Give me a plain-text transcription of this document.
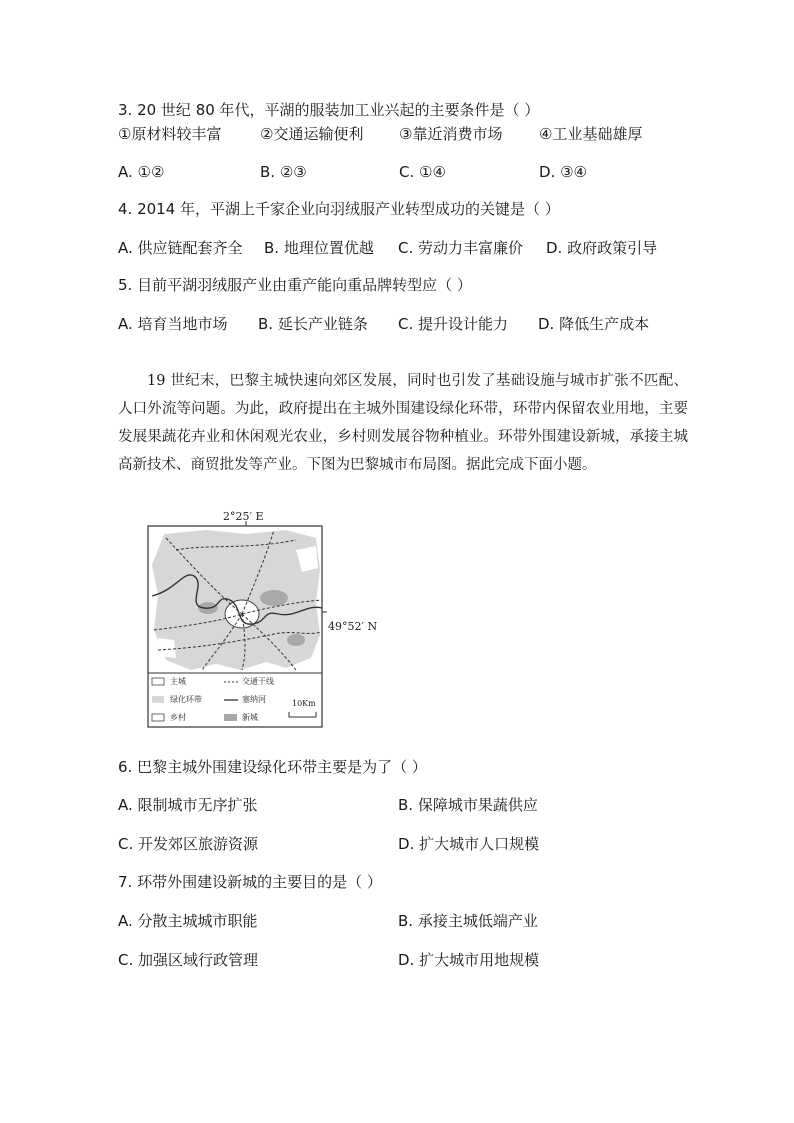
3. 20 世纪 80 年代，平湖的服装加工业兴起的主要条件是（ ）
①原材料较丰富	②交通运输便利 ③靠近消费市场 ④工业基础雄厚
A. ①②	B. ②③	C. ①④	D. ③④
4. 2014 年，平湖上千家企业向羽绒服产业转型成功的关键是（ ）
A. 供应链配套齐全 B. 地理位置优越 C. 劳动力丰富廉价 D. 政府政策引导
5. 目前平湖羽绒服产业由重产能向重品牌转型应（ ）
A. 培育当地市场 B. 延长产业链条 C. 提升设计能力 D. 降低生产成本

19 世纪末，巴黎主城快速向郊区发展，同时也引发了基础设施与城市扩张不匹配、人口外流等问题。为此，政府提出在主城外围建设绿化环带，环带内保留农业用地，主要发展果蔬花卉业和休闲观光农业，乡村则发展谷物种植业。环带外围建设新城，承接主城高新技术、商贸批发等产业。下图为巴黎城市布局图。据此完成下面小题。

2°25′ E
49°52′ N
主城
绿化环带
乡村
交通干线
塞纳河
新城
10Km
6. 巴黎主城外围建设绿化环带主要是为了（ ）
A. 限制城市无序扩张	B. 保障城市果蔬供应
C. 开发郊区旅游资源	D. 扩大城市人口规模
7. 环带外围建设新城的主要目的是（ ）
A. 分散主城城市职能	B. 承接主城低端产业
C. 加强区域行政管理	D. 扩大城市用地规模
